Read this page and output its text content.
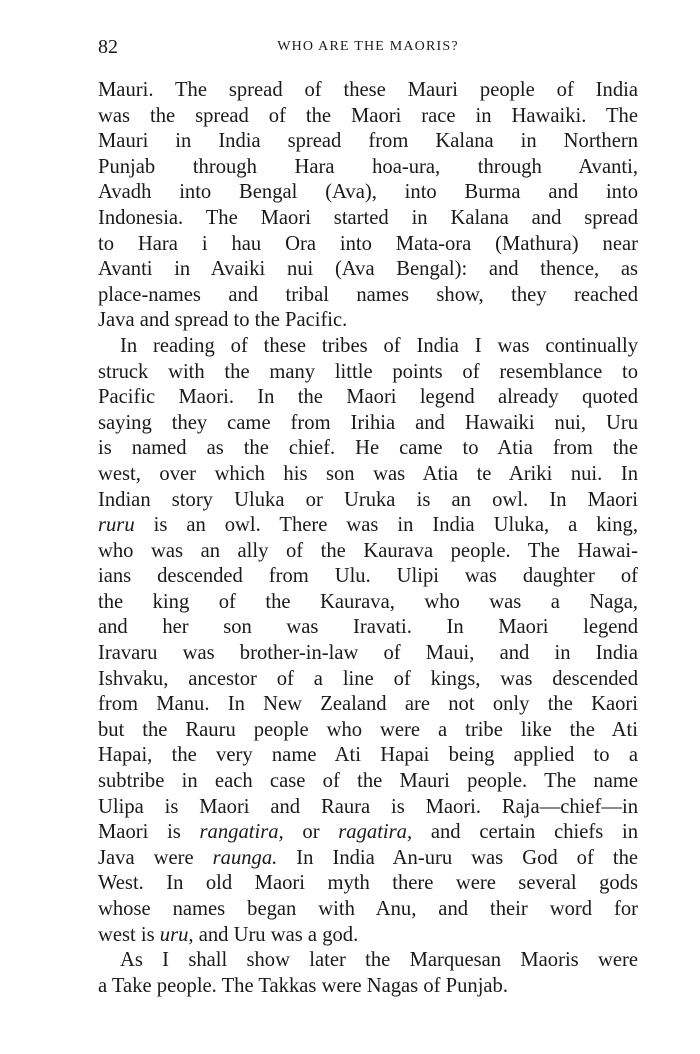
82	WHO ARE THE MAORIS?
Mauri. The spread of these Mauri people of India
was the spread of the Maori race in Hawaiki. The
Mauri in India spread from Kalana in Northern
Punjab through Hara hoa-ura, through Avanti,
Avadh into Bengal (Ava), into Burma and into
Indonesia. The Maori started in Kalana and spread
to Hara i hau Ora into Mata-ora (Mathura) near
Avanti in Avaiki nui (Ava Bengal): and thence, as
place-names and tribal names show, they reached
Java and spread to the Pacific.
In reading of these tribes of India I was continually
struck with the many little points of resemblance to
Pacific Maori. In the Maori legend already quoted
saying they came from Irihia and Hawaiki nui, Uru
is named as the chief. He came to Atia from the
west, over which his son was Atia te Ariki nui. In
Indian story Uluka or Uruka is an owl. In Maori
ruru is an owl. There was in India Uluka, a king,
who was an ally of the Kaurava people. The Hawai-
ians descended from Ulu. Ulipi was daughter of
the king of the Kaurava, who was a Naga,
and her son was Iravati. In Maori legend
Iravaru was brother-in-law of Maui, and in India
Ishvaku, ancestor of a line of kings, was descended
from Manu. In New Zealand are not only the Kaori
but the Rauru people who were a tribe like the Ati
Hapai, the very name Ati Hapai being applied to a
subtribe in each case of the Mauri people. The name
Ulipa is Maori and Raura is Maori. Raja—chief—in
Maori is rangatira, or ragatira, and certain chiefs in
Java were raunga. In India An-uru was God of the
West. In old Maori myth there were several gods
whose names began with Anu, and their word for
west is uru, and Uru was a god.
As I shall show later the Marquesan Maoris were
a Take people. The Takkas were Nagas of Punjab.
